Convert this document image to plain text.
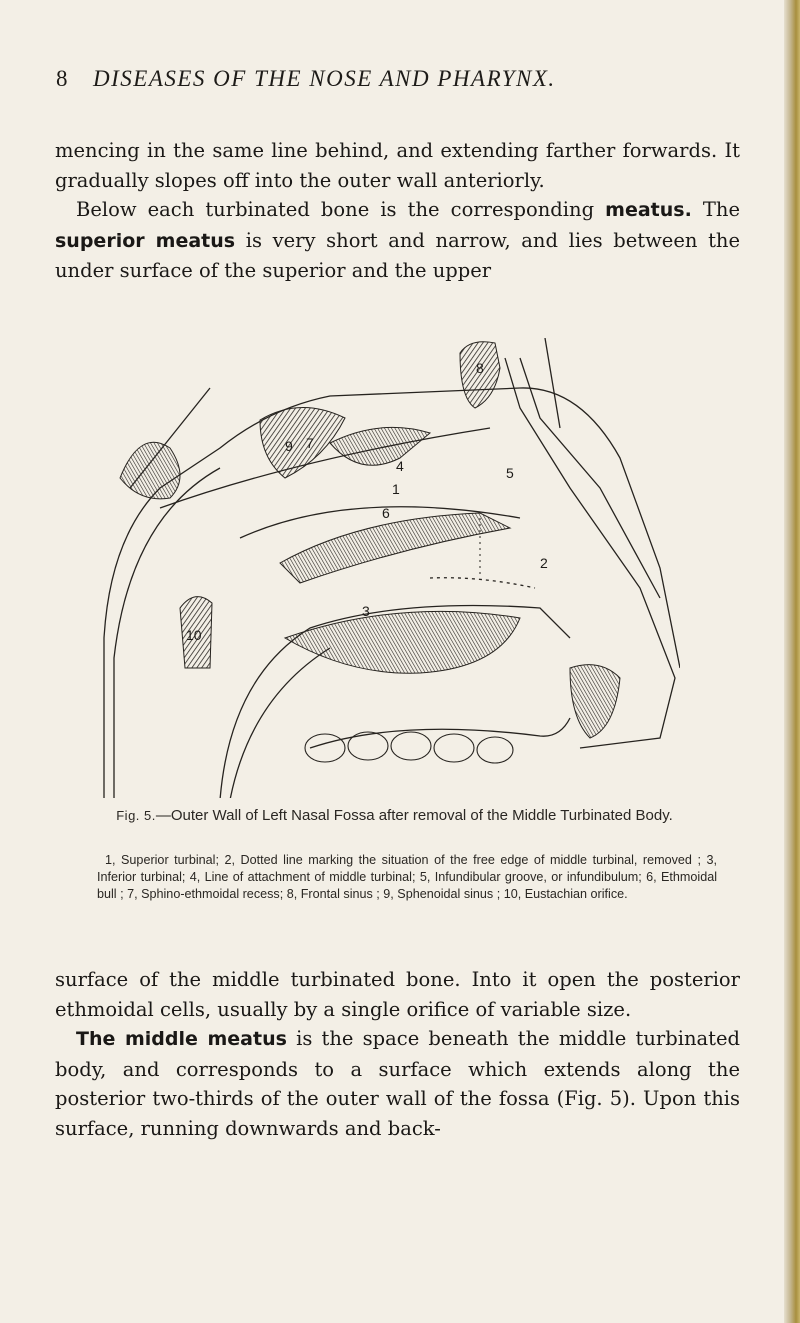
8 DISEASES OF THE NOSE AND PHARYNX.

mencing in the same line behind, and extending farther forwards. It gradually slopes off into the outer wall anteriorly.

Below each turbinated bone is the corresponding meatus. The superior meatus is very short and narrow, and lies between the under surface of the superior and the upper

1
2
3
4	5
6
7
8
9
10
Fig. 5.—Outer Wall of Left Nasal Fossa after removal of the Middle Turbinated Body.
1, Superior turbinal; 2, Dotted line marking the situation of the free edge of middle turbinal, removed ; 3, Inferior turbinal; 4, Line of attachment of middle turbinal; 5, Infundibular groove, or infundibulum; 6, Ethmoidal bull ; 7, Sphino-ethmoidal recess; 8, Frontal sinus ; 9, Sphenoidal sinus ; 10, Eustachian orifice.

surface of the middle turbinated bone. Into it open the posterior ethmoidal cells, usually by a single orifice of variable size.

The middle meatus is the space beneath the middle turbinated body, and corresponds to a surface which extends along the posterior two-thirds of the outer wall of the fossa (Fig. 5). Upon this surface, running downwards and back-
